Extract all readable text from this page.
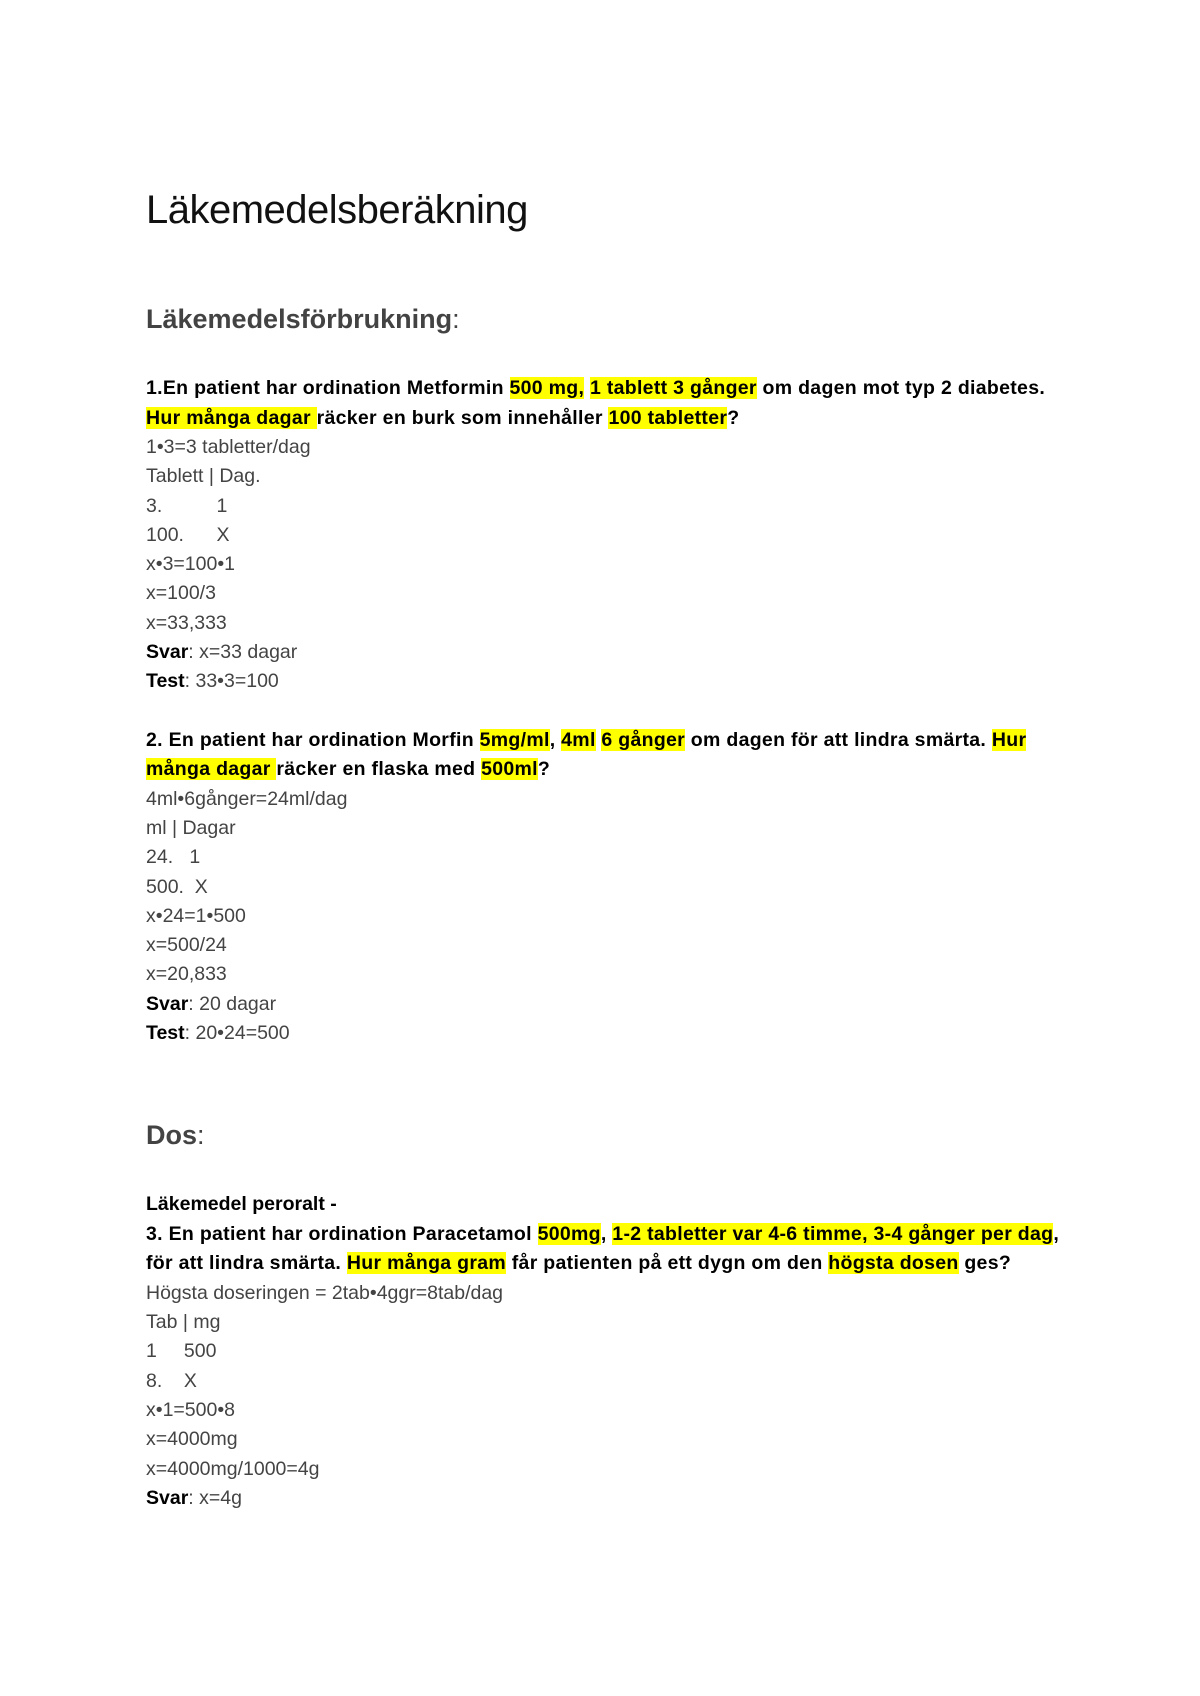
Läkemedelsberäkning
Läkemedelsförbrukning:

1.En patient har ordination Metformin 500 mg, 1 tablett 3 gånger om dagen mot typ 2 diabetes. Hur många dagar räcker en burk som innehåller 100 tabletter?

1•3=3 tabletter/dag

Tablett | Dag.

3.          1

100.      X

x•3=100•1

x=100/3

x=33,333

Svar: x=33 dagar

Test: 33•3=100

2. En patient har ordination Morfin 5mg/ml, 4ml 6 gånger om dagen för att lindra smärta. Hur många dagar räcker en flaska med 500ml?

4ml•6gånger=24ml/dag

ml | Dagar

24.   1

500.  X

x•24=1•500

x=500/24

x=20,833

Svar: 20 dagar

Test: 20•24=500

Dos:

Läkemedel peroralt -

3. En patient har ordination Paracetamol 500mg, 1-2 tabletter var 4-6 timme, 3-4 gånger per dag, för att lindra smärta. Hur många gram får patienten på ett dygn om den högsta dosen ges?

Högsta doseringen = 2tab•4ggr=8tab/dag

Tab | mg

1     500

8.    X

x•1=500•8

x=4000mg

x=4000mg/1000=4g

Svar: x=4g
